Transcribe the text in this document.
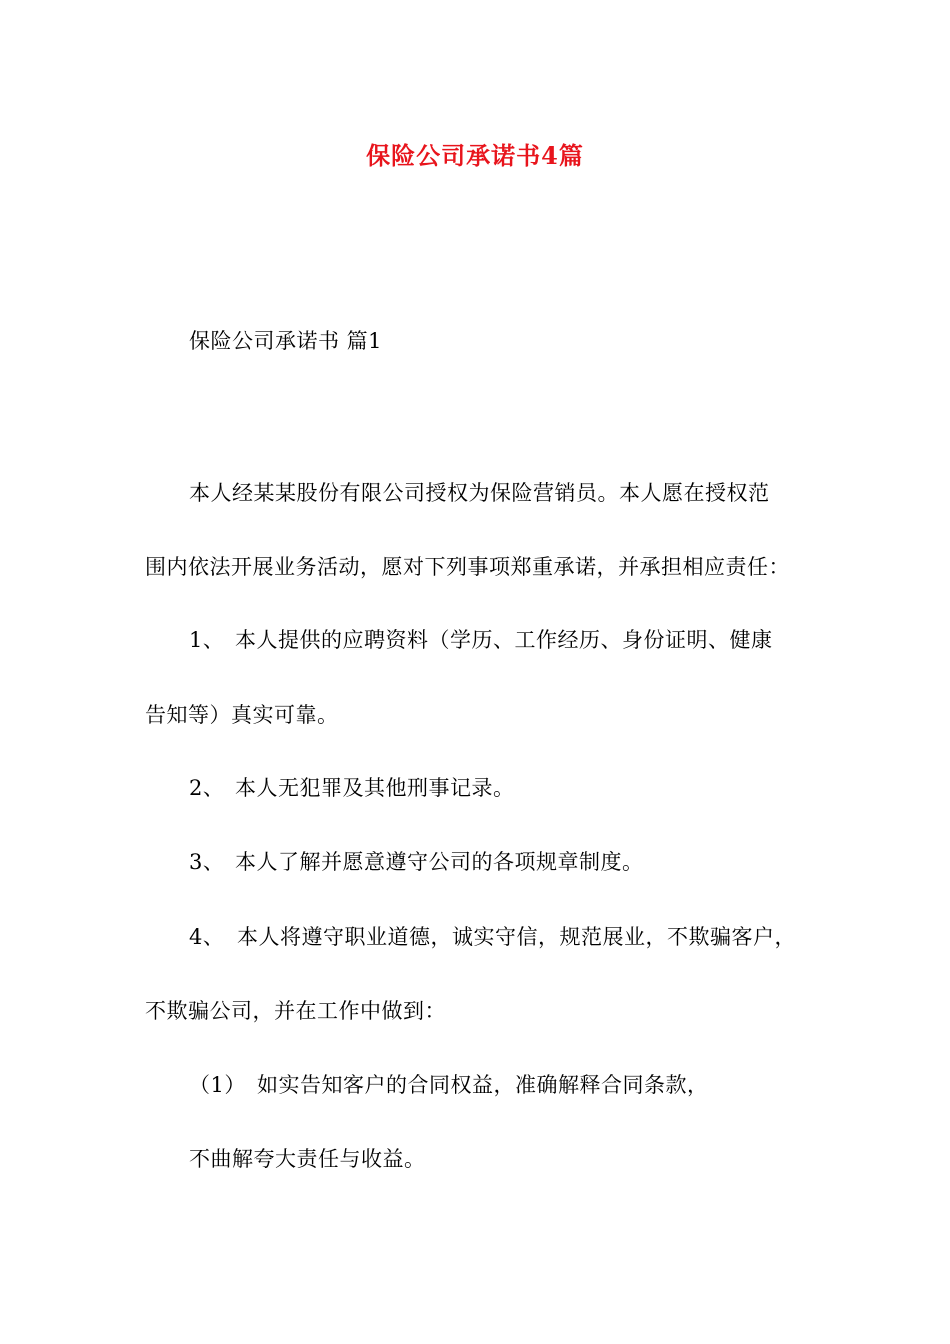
保险公司承诺书4篇
保险公司承诺书 篇1
本人经某某股份有限公司授权为保险营销员。本人愿在授权范
围内依法开展业务活动，愿对下列事项郑重承诺，并承担相应责任：
1、 本人提供的应聘资料（学历、工作经历、身份证明、健康
告知等）真实可靠。
2、 本人无犯罪及其他刑事记录。
3、 本人了解并愿意遵守公司的各项规章制度。
4、 本人将遵守职业道德，诚实守信，规范展业，不欺骗客户，
不欺骗公司，并在工作中做到：
（1） 如实告知客户的合同权益，准确解释合同条款，
不曲解夸大责任与收益。
